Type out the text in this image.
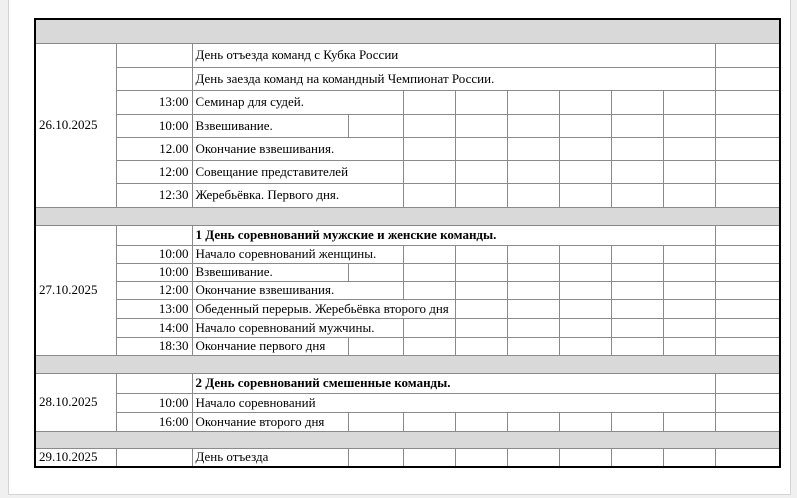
26.10.2025		День отъезда команд с Кубка России								
		День заезда команд на командный Чемпионат России.								
	13:00	Семинар для судей.								
	10:00	Взвешивание.								
	12.00	Окончание взвешивания.								
	12:00	Совещание представителей								
	12:30	Жеребьёвка. Первого дня.								

27.10.2025		1 День соревнований мужские и женские команды.								
	10:00	Начало соревнований женщины.								
	10:00	Взвешивание.								
	12:00	Окончание взвешивания.								
	13:00	Обеденный перерыв. Жеребьёвка второго дня								
	14:00	Начало соревнований мужчины.								
	18:30	Окончание первого дня								

28.10.2025		2 День соревнований смешенные команды.								
	10:00	Начало соревнований								
	16:00	Окончание второго дня								

29.10.2025		День отъезда								
